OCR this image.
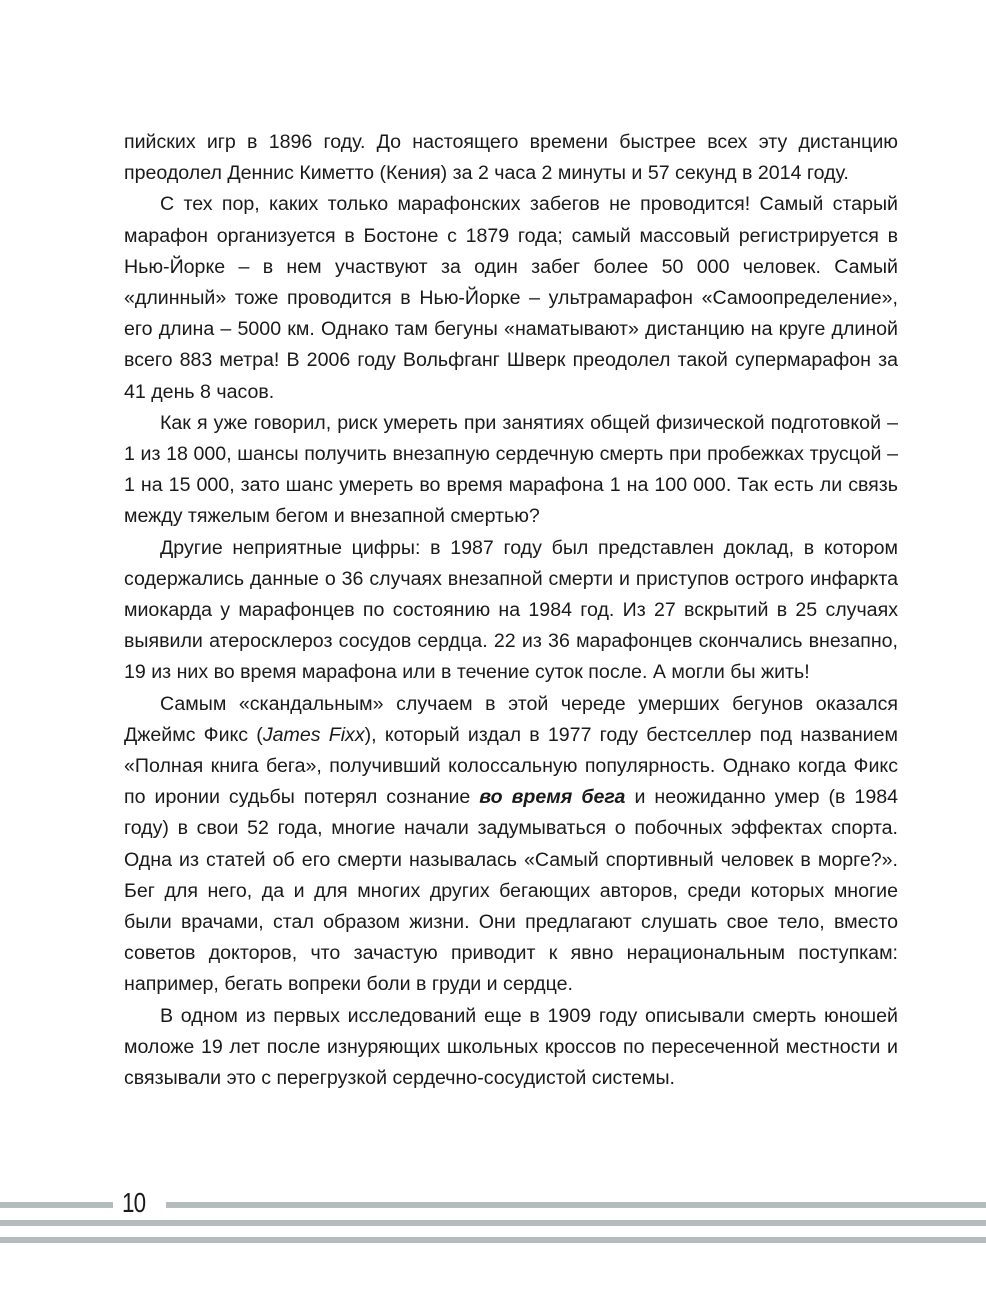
пийских игр в 1896 году. До настоящего времени быстрее всех эту дистанцию преодолел Деннис Киметто (Кения) за 2 часа 2 минуты и 57 секунд в 2014 году.

С тех пор, каких только марафонских забегов не проводится! Самый старый марафон организуется в Бостоне с 1879 года; самый массовый регистрируется в Нью-Йорке – в нем участвуют за один забег более 50 000 человек. Самый «длинный» тоже проводится в Нью-Йорке – ультрамарафон «Самоопределение», его длина – 5000 км. Однако там бегуны «наматывают» дистанцию на круге длиной всего 883 метра! В 2006 году Вольфганг Шверк преодолел такой супермарафон за 41 день 8 часов.

Как я уже говорил, риск умереть при занятиях общей физической подготовкой – 1 из 18 000, шансы получить внезапную сердечную смерть при пробежках трусцой – 1 на 15 000, зато шанс умереть во время марафона 1 на 100 000. Так есть ли связь между тяжелым бегом и внезапной смертью?

Другие неприятные цифры: в 1987 году был представлен доклад, в котором содержались данные о 36 случаях внезапной смерти и приступов острого инфаркта миокарда у марафонцев по состоянию на 1984 год. Из 27 вскрытий в 25 случаях выявили атеросклероз сосудов сердца. 22 из 36 марафонцев скончались внезапно, 19 из них во время марафона или в течение суток после. А могли бы жить!

Самым «скандальным» случаем в этой череде умерших бегунов оказался Джеймс Фикс (James Fixx), который издал в 1977 году бестселлер под названием «Полная книга бега», получивший колоссальную популярность. Однако когда Фикс по иронии судьбы потерял сознание во время бега и неожиданно умер (в 1984 году) в свои 52 года, многие начали задумываться о побочных эффектах спорта. Одна из статей об его смерти называлась «Самый спортивный человек в морге?». Бег для него, да и для многих других бегающих авторов, среди которых многие были врачами, стал образом жизни. Они предлагают слушать свое тело, вместо советов докторов, что зачастую приводит к явно нерациональным поступкам: например, бегать вопреки боли в груди и сердце.

В одном из первых исследований еще в 1909 году описывали смерть юношей моложе 19 лет после изнуряющих школьных кроссов по пересеченной местности и связывали это с перегрузкой сердечно-сосудистой системы.

10
